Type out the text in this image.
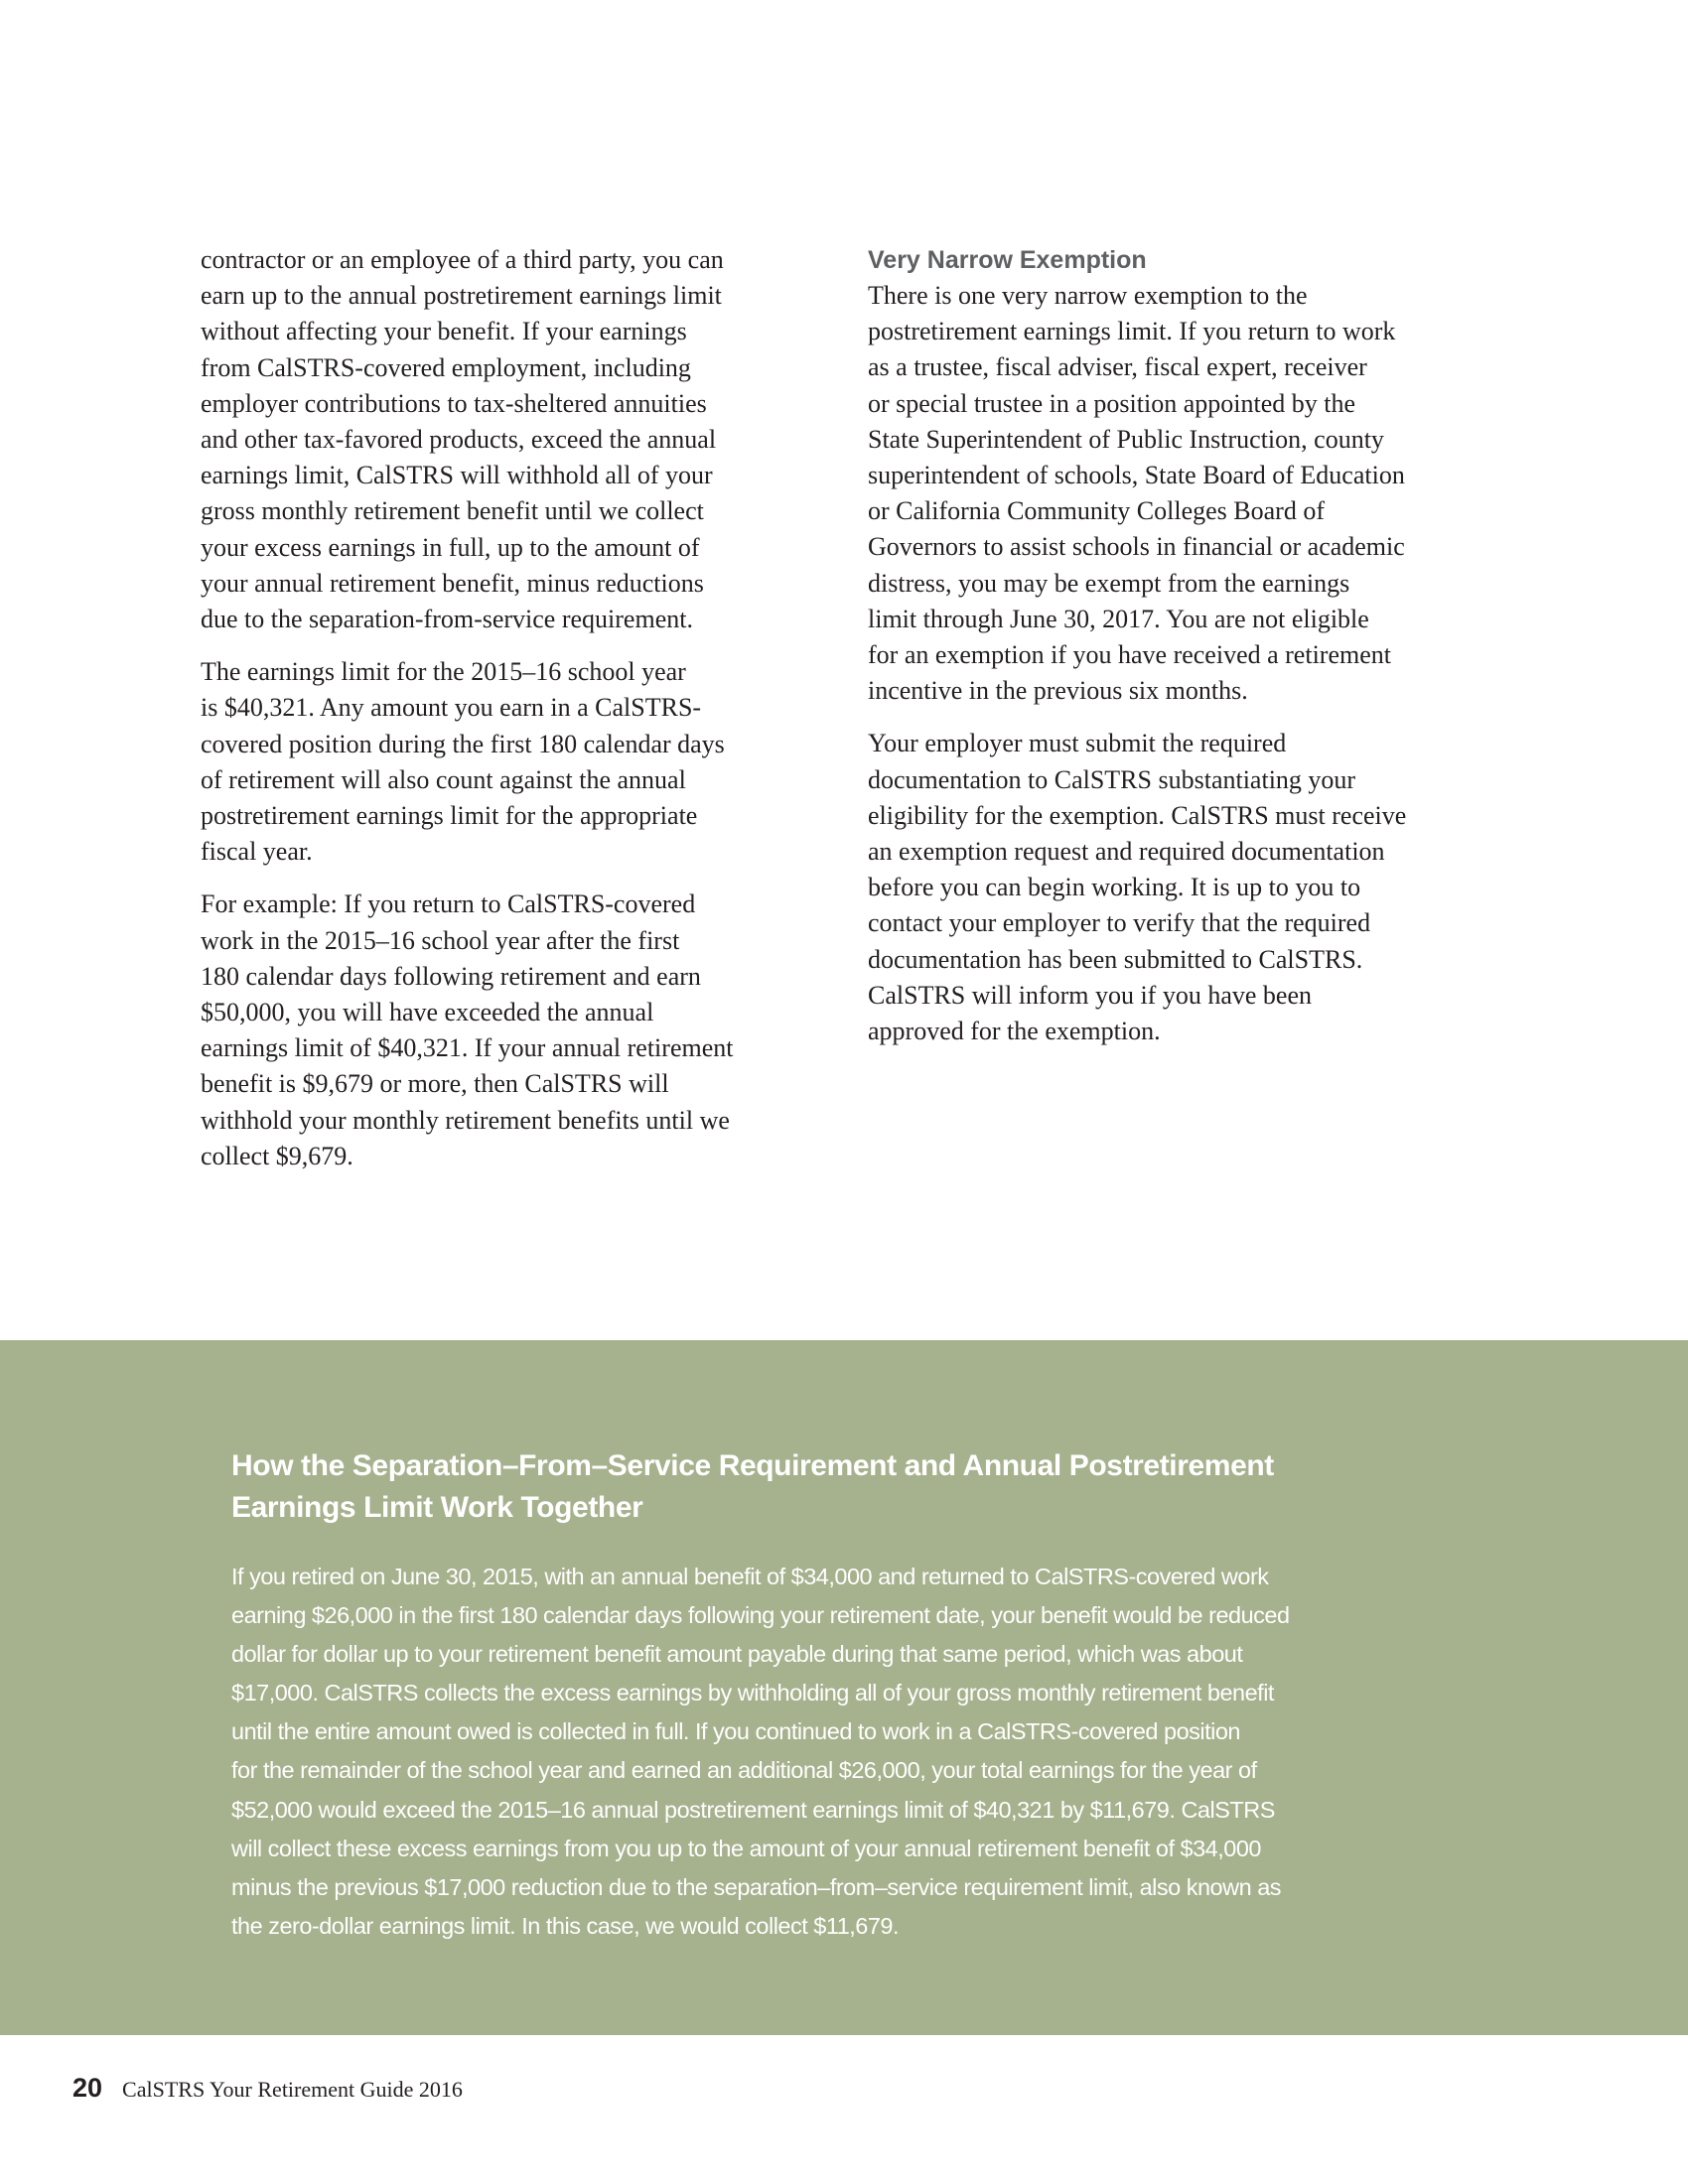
contractor or an employee of a third party, you can
earn up to the annual postretirement earnings limit
without affecting your benefit. If your earnings
from CalSTRS-covered employment, including
employer contributions to tax-sheltered annuities
and other tax-favored products, exceed the annual
earnings limit, CalSTRS will withhold all of your
gross monthly retirement benefit until we collect
your excess earnings in full, up to the amount of
your annual retirement benefit, minus reductions
due to the separation-from-service requirement.
The earnings limit for the 2015–16 school year
is $40,321. Any amount you earn in a CalSTRS-
covered position during the first 180 calendar days
of retirement will also count against the annual
postretirement earnings limit for the appropriate
fiscal year.
For example: If you return to CalSTRS-covered
work in the 2015–16 school year after the first
180 calendar days following retirement and earn
$50,000, you will have exceeded the annual
earnings limit of $40,321. If your annual retirement
benefit is $9,679 or more, then CalSTRS will
withhold your monthly retirement benefits until we
collect $9,679.
Very Narrow Exemption
There is one very narrow exemption to the
postretirement earnings limit. If you return to work
as a trustee, fiscal adviser, fiscal expert, receiver
or special trustee in a position appointed by the
State Superintendent of Public Instruction, county
superintendent of schools, State Board of Education
or California Community Colleges Board of
Governors to assist schools in financial or academic
distress, you may be exempt from the earnings
limit through June 30, 2017. You are not eligible
for an exemption if you have received a retirement
incentive in the previous six months.
Your employer must submit the required
documentation to CalSTRS substantiating your
eligibility for the exemption. CalSTRS must receive
an exemption request and required documentation
before you can begin working. It is up to you to
contact your employer to verify that the required
documentation has been submitted to CalSTRS.
CalSTRS will inform you if you have been
approved for the exemption.
How the Separation–From–Service Requirement and Annual Postretirement
Earnings Limit Work Together
If you retired on June 30, 2015, with an annual benefit of $34,000 and returned to CalSTRS-covered work
earning $26,000 in the first 180 calendar days following your retirement date, your benefit would be reduced
dollar for dollar up to your retirement benefit amount payable during that same period, which was about
$17,000. CalSTRS collects the excess earnings by withholding all of your gross monthly retirement benefit
until the entire amount owed is collected in full. If you continued to work in a CalSTRS-covered position
for the remainder of the school year and earned an additional $26,000, your total earnings for the year of
$52,000 would exceed the 2015–16 annual postretirement earnings limit of $40,321 by $11,679. CalSTRS
will collect these excess earnings from you up to the amount of your annual retirement benefit of $34,000
minus the previous $17,000 reduction due to the separation–from–service requirement limit, also known as
the zero-dollar earnings limit. In this case, we would collect $11,679.
20 CalSTRS Your Retirement Guide 2016
